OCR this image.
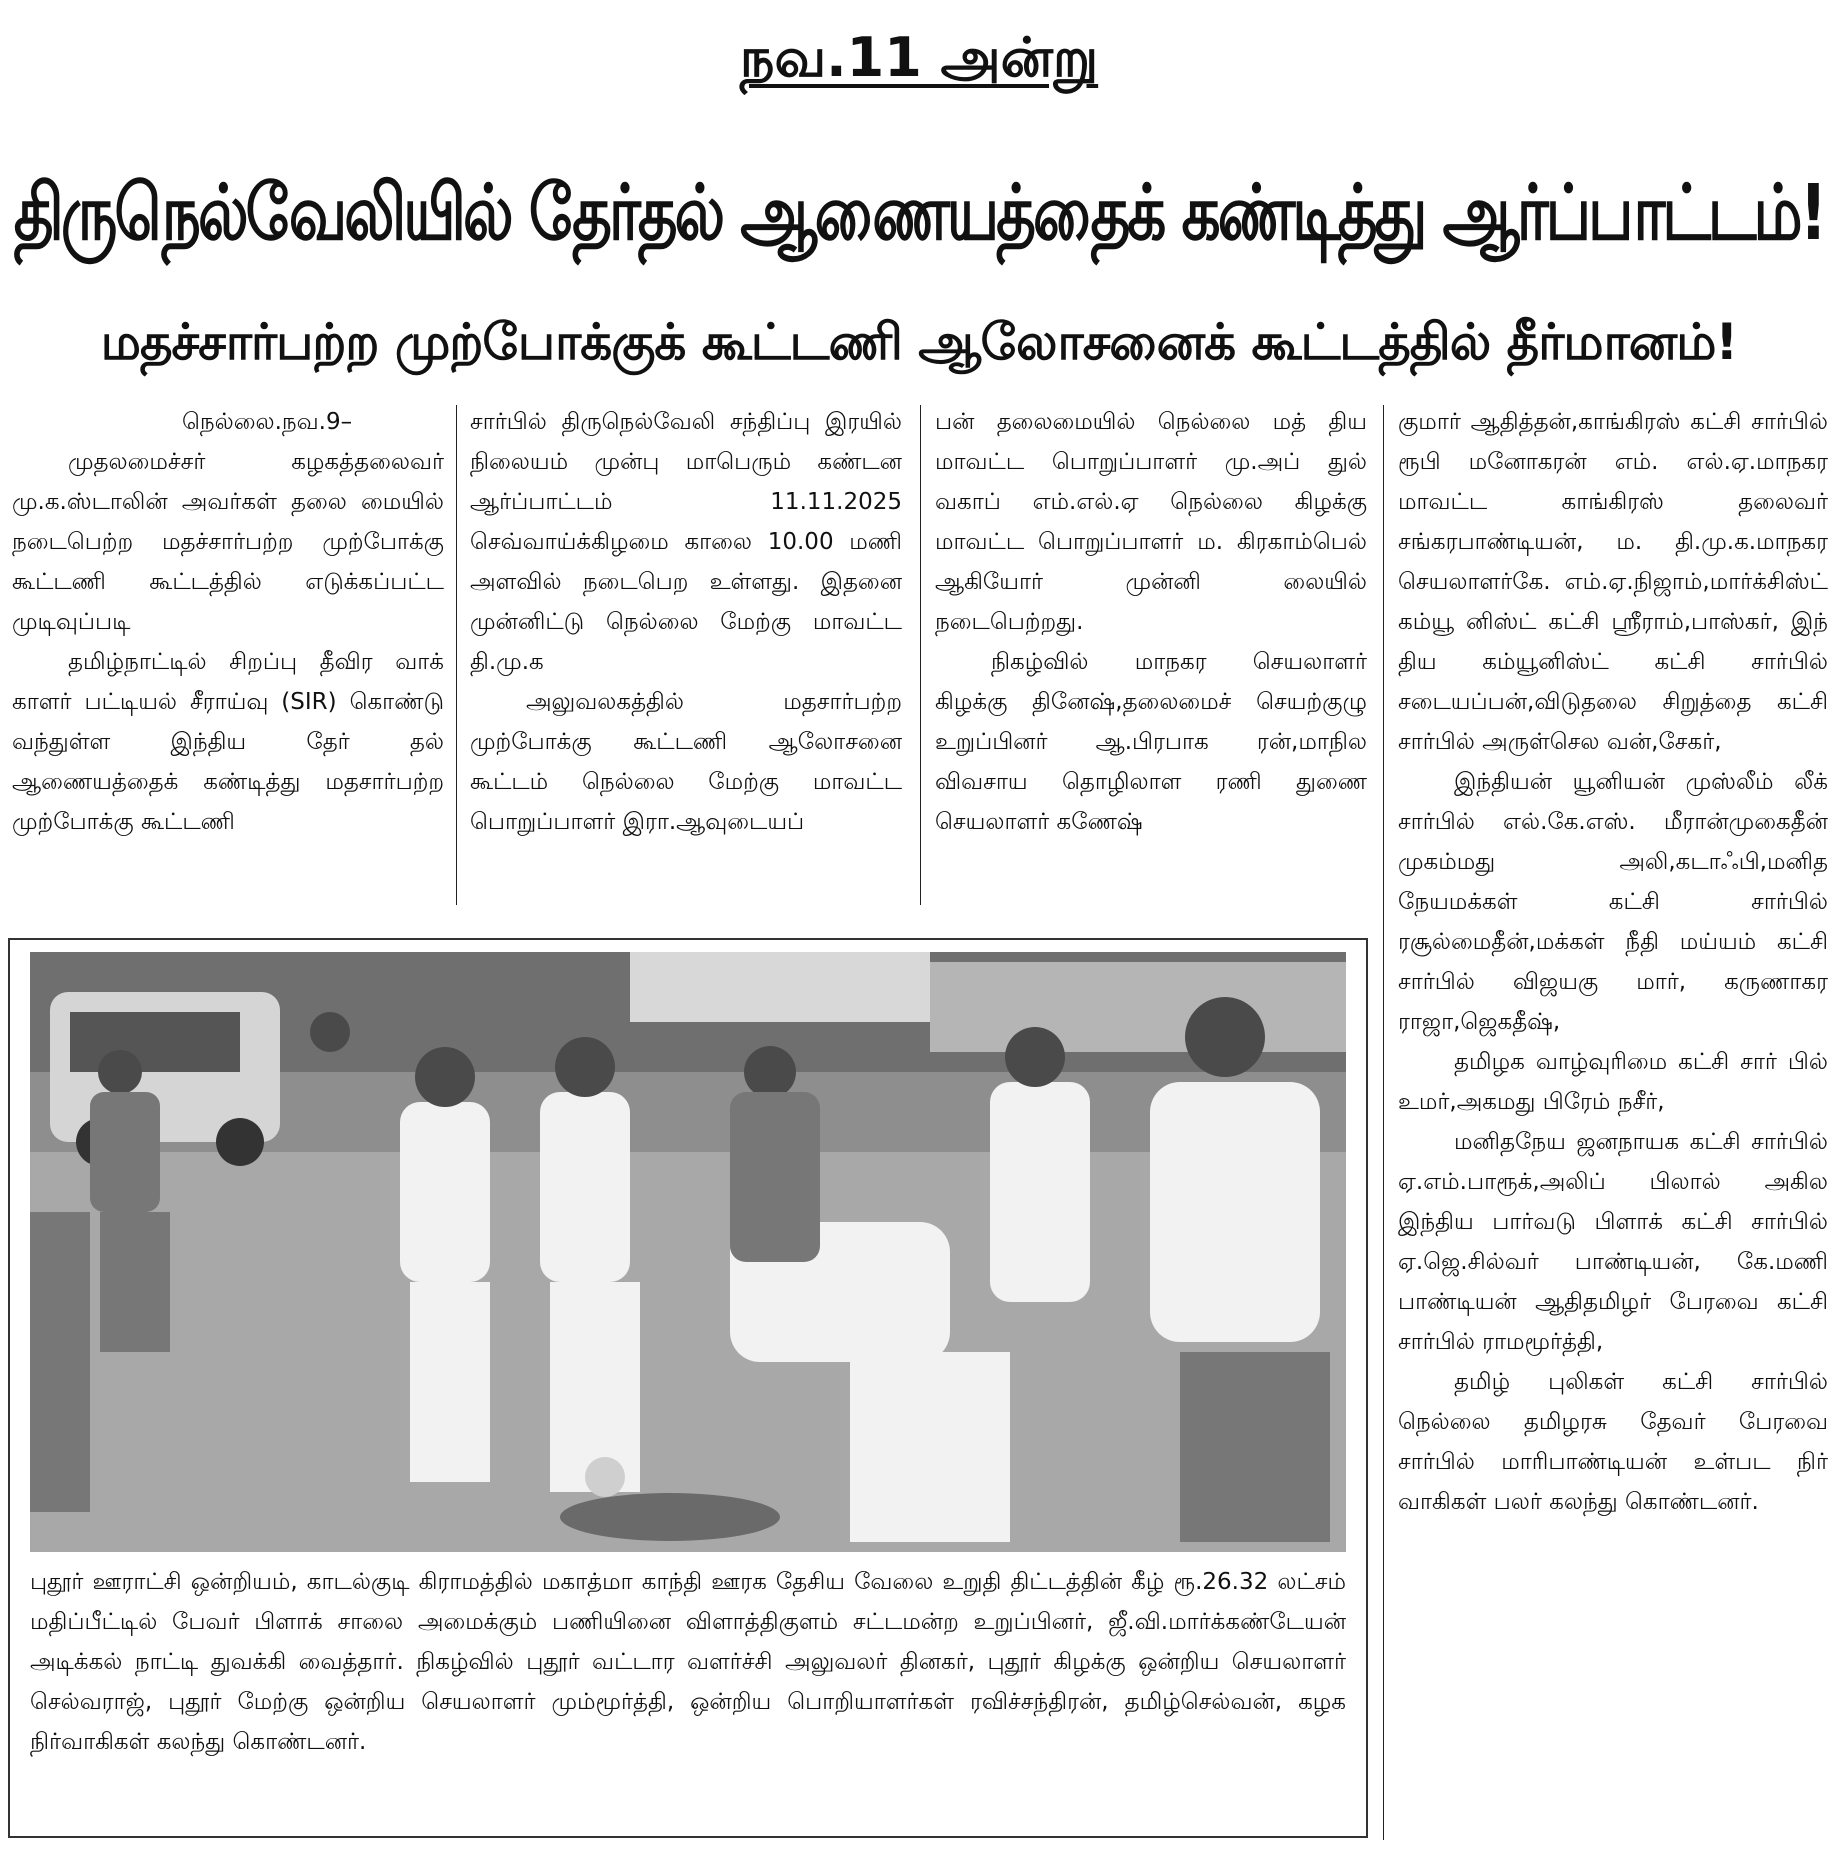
நவ.11 அன்று
திருநெல்வேலியில் தேர்தல் ஆணையத்தைக் கண்டித்து ஆர்ப்பாட்டம்!
மதச்சார்பற்ற முற்போக்குக் கூட்டணி ஆலோசனைக் கூட்டத்தில் தீர்மானம்!

நெல்லை.நவ.9–

முதலமைச்சர் கழகத்தலைவர் மு.க.ஸ்டாலின் அவர்கள் தலை மையில் நடைபெற்ற மதச்சார்பற்ற முற்போக்கு கூட்டணி கூட்டத்தில் எடுக்கப்பட்ட முடிவுப்படி

தமிழ்நாட்டில் சிறப்பு தீவிர வாக் காளர் பட்டியல் சீராய்வு (SIR) கொண்டு வந்துள்ள இந்திய தேர் தல் ஆணையத்தைக் கண்டித்து மதசார்பற்ற முற்போக்கு கூட்டணி

சார்பில் திருநெல்வேலி சந்திப்பு இரயில் நிலையம் முன்பு மாபெரும் கண்டன ஆர்ப்பாட்டம் 11.11.2025 செவ்வாய்க்கிழமை காலை 10.00 மணி அளவில் நடைபெற உள்ளது. இதனை முன்னிட்டு நெல்லை மேற்கு மாவட்ட தி.மு.க

அலுவலகத்தில் மதசார்பற்ற முற்போக்கு கூட்டணி ஆலோசனை கூட்டம் நெல்லை மேற்கு மாவட்ட பொறுப்பாளர் இரா.ஆவுடையப்

பன் தலைமையில் நெல்லை மத் திய மாவட்ட பொறுப்பாளர் மு.அப் துல் வகாப் எம்.எல்.ஏ நெல்லை கிழக்கு மாவட்ட பொறுப்பாளர் ம. கிரகாம்பெல் ஆகியோர் முன்னி லையில் நடைபெற்றது.

நிகழ்வில் மாநகர செயலாளர் கிழக்கு தினேஷ்,தலைமைச் செயற்குழு உறுப்பினர் ஆ.பிரபாக ரன்,மாநில விவசாய தொழிலாள ரணி துணை செயலாளர் கணேஷ்

குமார் ஆதித்தன்,காங்கிரஸ் கட்சி சார்பில் ரூபி மனோகரன் எம். எல்.ஏ.மாநகர மாவட்ட காங்கிரஸ் தலைவர் சங்கரபாண்டியன், ம. தி.மு.க.மாநகர செயலாளர்கே. எம்.ஏ.நிஜாம்,மார்க்சிஸ்ட் கம்யூ னிஸ்ட் கட்சி ஸ்ரீராம்,பாஸ்கர், இந் திய கம்யூனிஸ்ட் கட்சி சார்பில் சடையப்பன்,விடுதலை சிறுத்தை கட்சி சார்பில் அருள்செல வன்,சேகர்,

இந்தியன் யூனியன் முஸ்லீம் லீக் சார்பில் எல்.கே.எஸ். மீரான்முகைதீன் முகம்மது அலி,கடாஃபி,மனித நேயமக்கள் கட்சி சார்பில் ரசூல்மைதீன்,மக்கள் நீதி மய்யம் கட்சி சார்பில் விஜயகு மார், கருணாகர ராஜா,ஜெகதீஷ்,

தமிழக வாழ்வுரிமை கட்சி சார் பில் உமர்,அகமது பிரேம் நசீர்,

மனிதநேய ஜனநாயக கட்சி சார்பில் ஏ.எம்.பாரூக்,அலிப் பிலால் அகில இந்திய பார்வடு பிளாக் கட்சி சார்பில் ஏ.ஜெ.சில்வர் பாண்டியன், கே.மணி பாண்டியன் ஆதிதமிழர் பேரவை கட்சி சார்பில் ராமமூர்த்தி,

தமிழ் புலிகள் கட்சி சார்பில் நெல்லை தமிழரசு தேவர் பேரவை சார்பில் மாரிபாண்டியன் உள்பட நிர் வாகிகள் பலர் கலந்து கொண்டனர்.

புதூர் ஊராட்சி ஒன்றியம், காடல்குடி கிராமத்தில் மகாத்மா காந்தி ஊரக தேசிய வேலை உறுதி திட்டத்தின் கீழ் ரூ.26.32 லட்சம் மதிப்பீட்டில் பேவர் பிளாக் சாலை அமைக்கும் பணியினை விளாத்திகுளம் சட்டமன்ற உறுப்பினர், ஜீ.வி.மார்க்கண்டேயன் அடிக்கல் நாட்டி துவக்கி வைத்தார். நிகழ்வில் புதூர் வட்டார வளர்ச்சி அலுவலர் தினகர், புதூர் கிழக்கு ஒன்றிய செயலாளர் செல்வராஜ், புதூர் மேற்கு ஒன்றிய செயலாளர் மும்மூர்த்தி, ஒன்றிய பொறியாளர்கள் ரவிச்சந்திரன், தமிழ்செல்வன், கழக நிர்வாகிகள் கலந்து கொண்டனர்.
